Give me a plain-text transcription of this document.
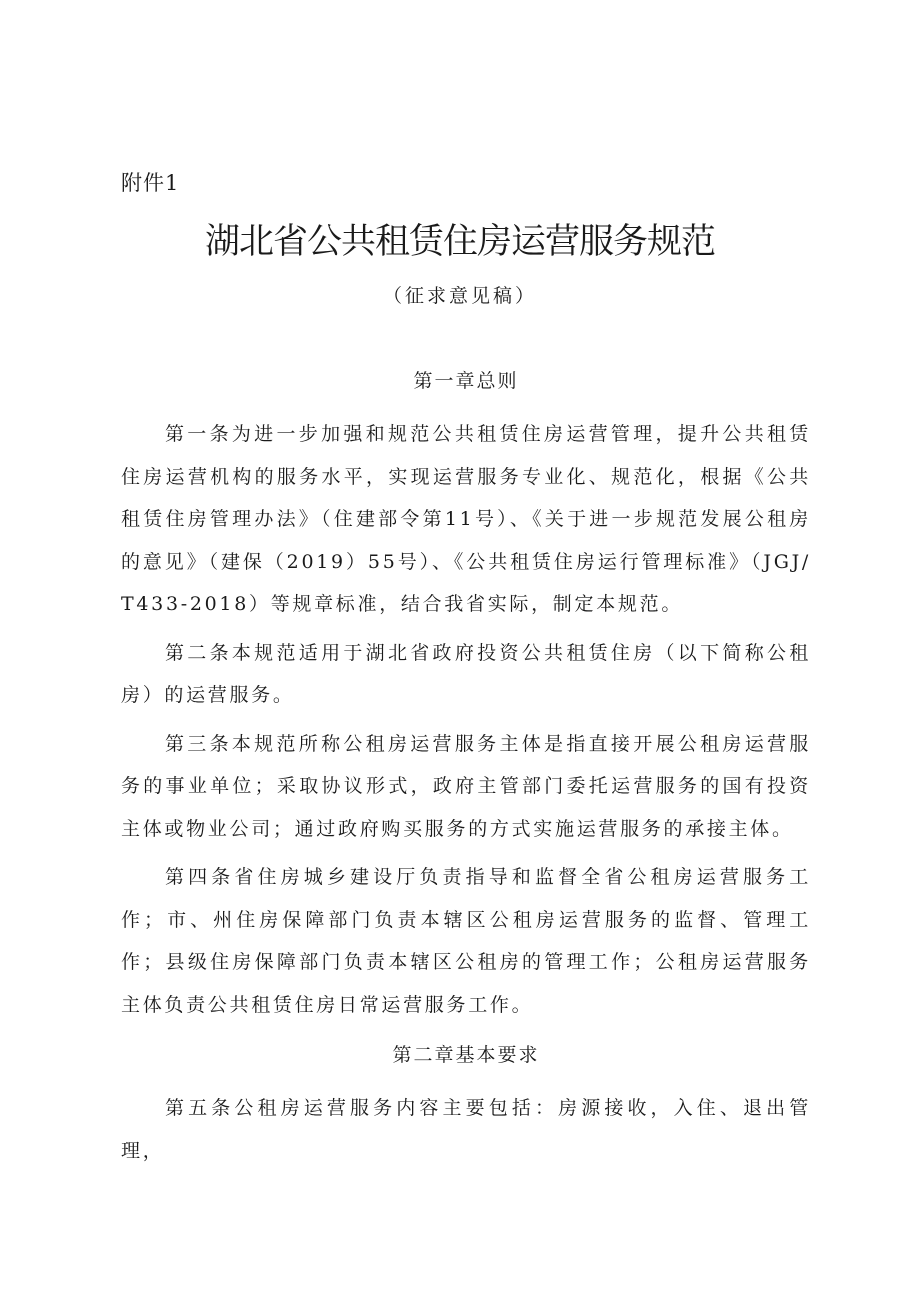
附件1
湖北省公共租赁住房运营服务规范
（征求意见稿）
第一章总则

第一条为进一步加强和规范公共租赁住房运营管理，提升公共租赁住房运营机构的服务水平，实现运营服务专业化、规范化，根据《公共租赁住房管理办法》（住建部令第11号）、《关于进一步规范发展公租房的意见》（建保（2019）55号）、《公共租赁住房运行管理标准》（JGJ/T433-2018）等规章标准，结合我省实际，制定本规范。

第二条本规范适用于湖北省政府投资公共租赁住房（以下简称公租房）的运营服务。

第三条本规范所称公租房运营服务主体是指直接开展公租房运营服务的事业单位；采取协议形式，政府主管部门委托运营服务的国有投资主体或物业公司；通过政府购买服务的方式实施运营服务的承接主体。

第四条省住房城乡建设厅负责指导和监督全省公租房运营服务工作；市、州住房保障部门负责本辖区公租房运营服务的监督、管理工作；县级住房保障部门负责本辖区公租房的管理工作；公租房运营服务主体负责公共租赁住房日常运营服务工作。

第二章基本要求

第五条公租房运营服务内容主要包括：房源接收，入住、退出管理，
